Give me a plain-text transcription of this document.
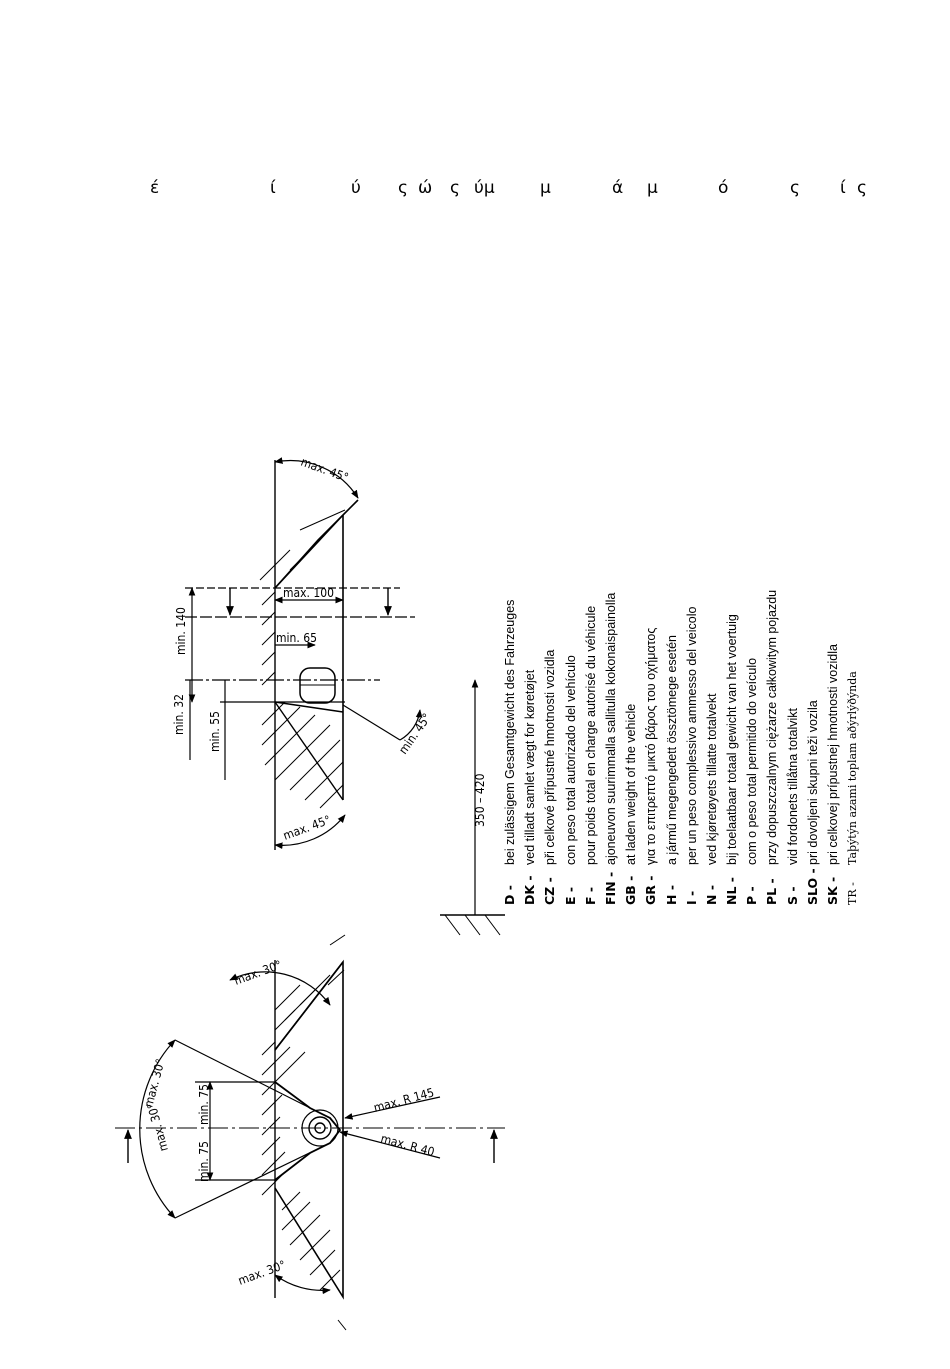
έ	ί	ύ ς ώ ς ύμ	μ	ά μ	ό	ς ί ς
max. 30°
max. 30°
max. 30°
max. 30° min. 75
min. 75
max. R 145
max. R 40
max. 45°
max. 45°
min. 45°
min. 140
max. 100
min. 65
min. 32 min. 55
350 – 420
D -
bei zulässigem Gesamtgewicht des Fahrzeuges
DK -
ved tilladt samlet vægt for køretøjet
CZ -
při celkové přípustné hmotnosti vozidla
E -
con peso total autorizado del vehículo
F -
pour poids total en charge autorisé du véhicule
FIN -
ajoneuvon suurimmalla sallitulla kokonaispainolla
GB -
at laden weight of the vehicle
GR -
για το επιτρεπτό μικτό βάρος του οχήματος
H -
a jármű megengedett össztömege esetén
I -
per un peso complessivo ammesso del veicolo
N -
ved kjøretøyets tillatte totalvekt
NL -
bij toelaatbaar totaal gewicht van het voertuig
P -
com o peso total permitido do veículo
PL -
przy dopuszczalnym ciężarze całkowitym pojazdu
S -
vid fordonets tillåtna totalvikt
SLO -
pri dovoljeni skupni teži vozila
SK -
pri celkovej prípustnej hmotnosti vozidla
TR -
Taþýtýn azami toplam aðýrlýðýnda
